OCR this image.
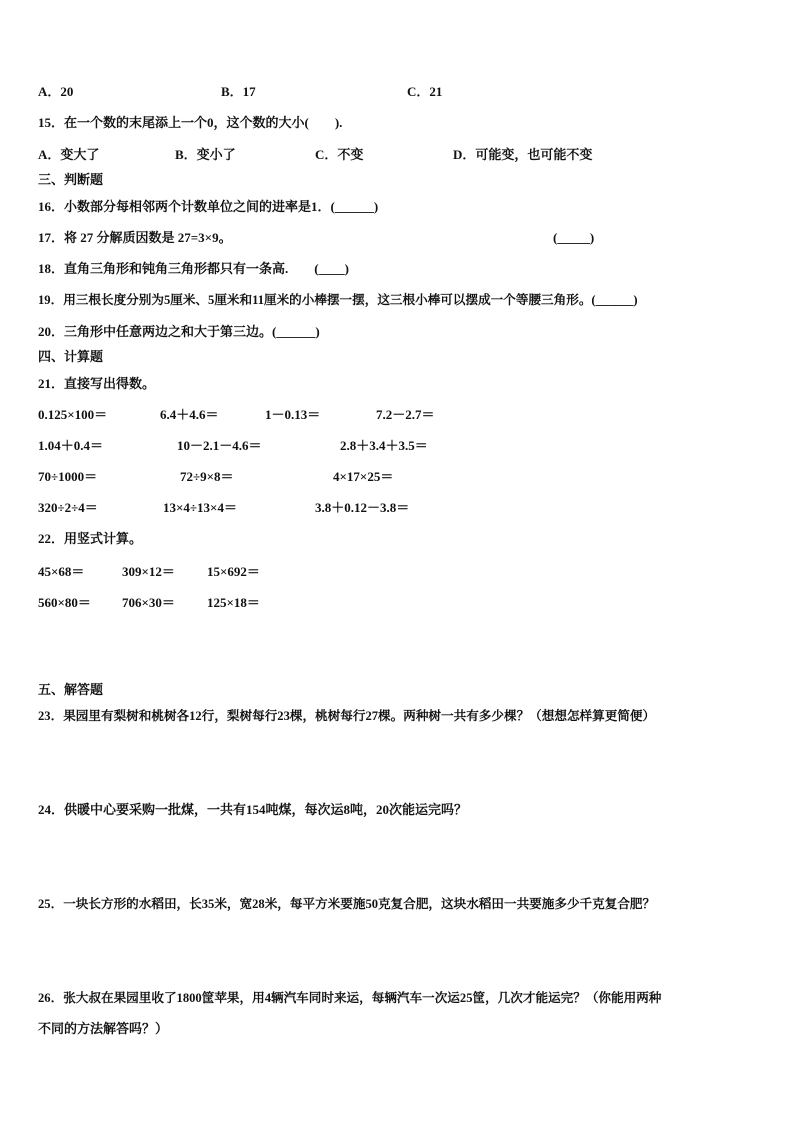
A．20	B．17	C．21
15．在一个数的末尾添上一个0，这个数的大小(　　).
A．变大了	B．变小了	C．不变	D．可能变，也可能不变
三、判断题
16．小数部分每相邻两个计数单位之间的进率是1．(______)
17．将 27 分解质因数是 27=3×9。	(_____)
18．直角三角形和钝角三角形都只有一条高.　　(____)
19．用三根长度分别为5厘米、5厘米和11厘米的小棒摆一摆，这三根小棒可以摆成一个等腰三角形。(______)
20．三角形中任意两边之和大于第三边。(______)
四、计算题
21．直接写出得数。
0.125×100＝	6.4＋4.6＝	1－0.13＝	7.2－2.7＝
1.04＋0.4＝	10－2.1－4.6＝	2.8＋3.4＋3.5＝
70÷1000＝	72÷9×8＝	4×17×25＝
320÷2÷4＝	13×4÷13×4＝	3.8＋0.12－3.8＝
22．用竖式计算。
45×68＝	309×12＝ 15×692＝
560×80＝ 706×30＝ 125×18＝
五、解答题
23．果园里有梨树和桃树各12行，梨树每行23棵，桃树每行27棵。两种树一共有多少棵？（想想怎样算更简便）
24．供暖中心要采购一批煤，一共有154吨煤，每次运8吨，20次能运完吗？
25．一块长方形的水稻田，长35米，宽28米，每平方米要施50克复合肥，这块水稻田一共要施多少千克复合肥？
26．张大叔在果园里收了1800筐苹果，用4辆汽车同时来运，每辆汽车一次运25筐，几次才能运完？（你能用两种
不同的方法解答吗？）
